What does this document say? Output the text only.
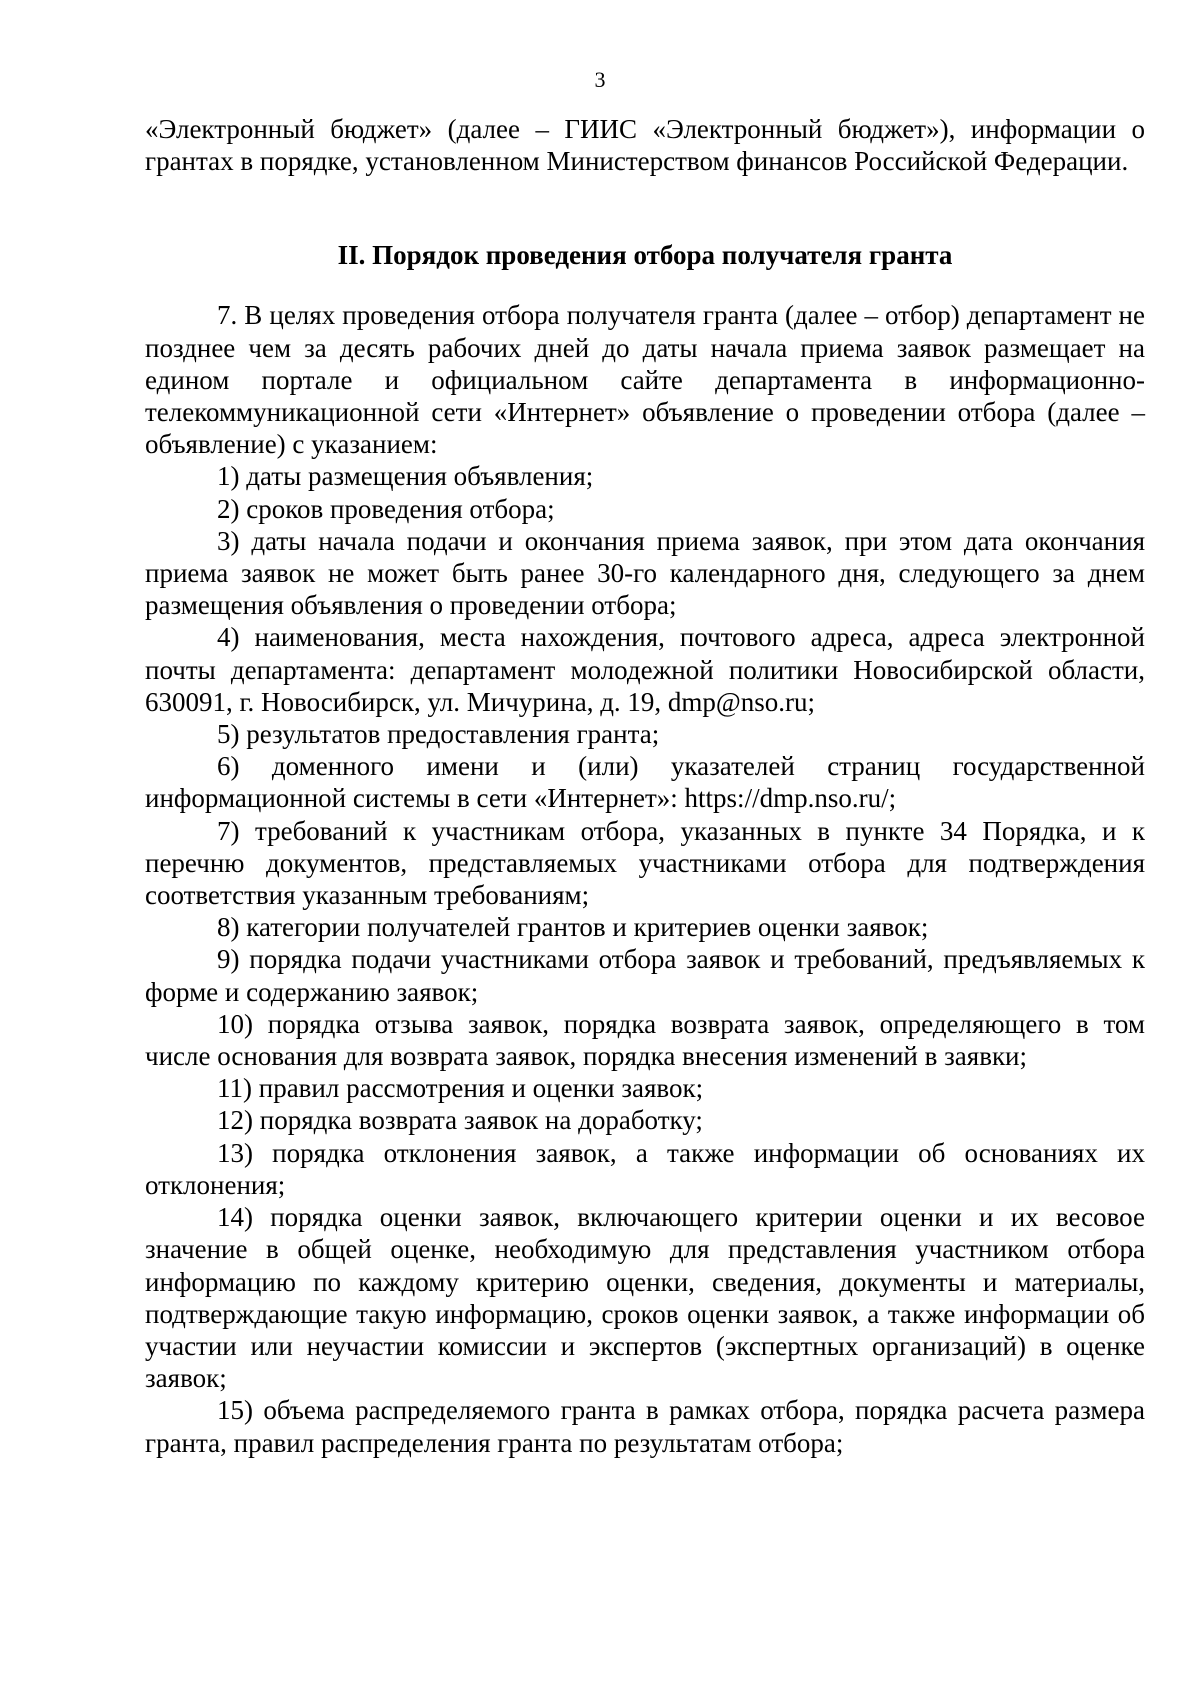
3

«Электронный бюджет» (далее – ГИИС «Электронный бюджет»), информации о грантах в порядке, установленном Министерством финансов Российской Федерации.

II. Порядок проведения отбора получателя гранта

7. В целях проведения отбора получателя гранта (далее – отбор) департамент не позднее чем за десять рабочих дней до даты начала приема заявок размещает на едином портале и официальном сайте департамента в информационно-телекоммуникационной сети «Интернет» объявление о проведении отбора (далее – объявление) с указанием:

1) даты размещения объявления;

2) сроков проведения отбора;

3) даты начала подачи и окончания приема заявок, при этом дата окончания приема заявок не может быть ранее 30-го календарного дня, следующего за днем размещения объявления о проведении отбора;

4) наименования, места нахождения, почтового адреса, адреса электронной почты департамента: департамент молодежной политики Новосибирской области, 630091, г. Новосибирск, ул. Мичурина, д. 19, dmp@nso.ru;

5) результатов предоставления гранта;

6) доменного имени и (или) указателей страниц государственной информационной системы в сети «Интернет»: https://dmp.nso.ru/;

7) требований к участникам отбора, указанных в пункте 34 Порядка, и к перечню документов, представляемых участниками отбора для подтверждения соответствия указанным требованиям;

8) категории получателей грантов и критериев оценки заявок;

9) порядка подачи участниками отбора заявок и требований, предъявляемых к форме и содержанию заявок;

10) порядка отзыва заявок, порядка возврата заявок, определяющего в том числе основания для возврата заявок, порядка внесения изменений в заявки;

11) правил рассмотрения и оценки заявок;

12) порядка возврата заявок на доработку;

13) порядка отклонения заявок, а также информации об основаниях их отклонения;

14) порядка оценки заявок, включающего критерии оценки и их весовое значение в общей оценке, необходимую для представления участником отбора информацию по каждому критерию оценки, сведения, документы и материалы, подтверждающие такую информацию, сроков оценки заявок, а также информации об участии или неучастии комиссии и экспертов (экспертных организаций) в оценке заявок;

15) объема распределяемого гранта в рамках отбора, порядка расчета размера гранта, правил распределения гранта по результатам отбора;
